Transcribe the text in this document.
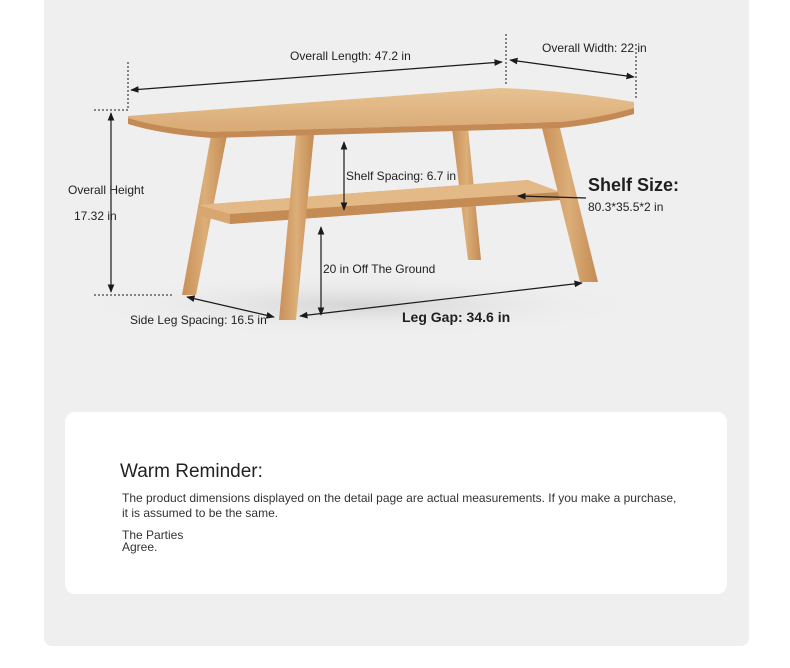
Overall Length: 47.2 in
Overall Width: 22 in
Overall Height
17.32 in
Shelf Spacing: 6.7 in	Shelf Size:
80.3*35.5*2 in
20 in Off The Ground
Side Leg Spacing: 16.5 in	Leg Gap: 34.6 in
Warm Reminder:
The product dimensions displayed on the detail page are actual measurements. If you make a purchase, it is assumed to be the same.
The Parties
Agree.
